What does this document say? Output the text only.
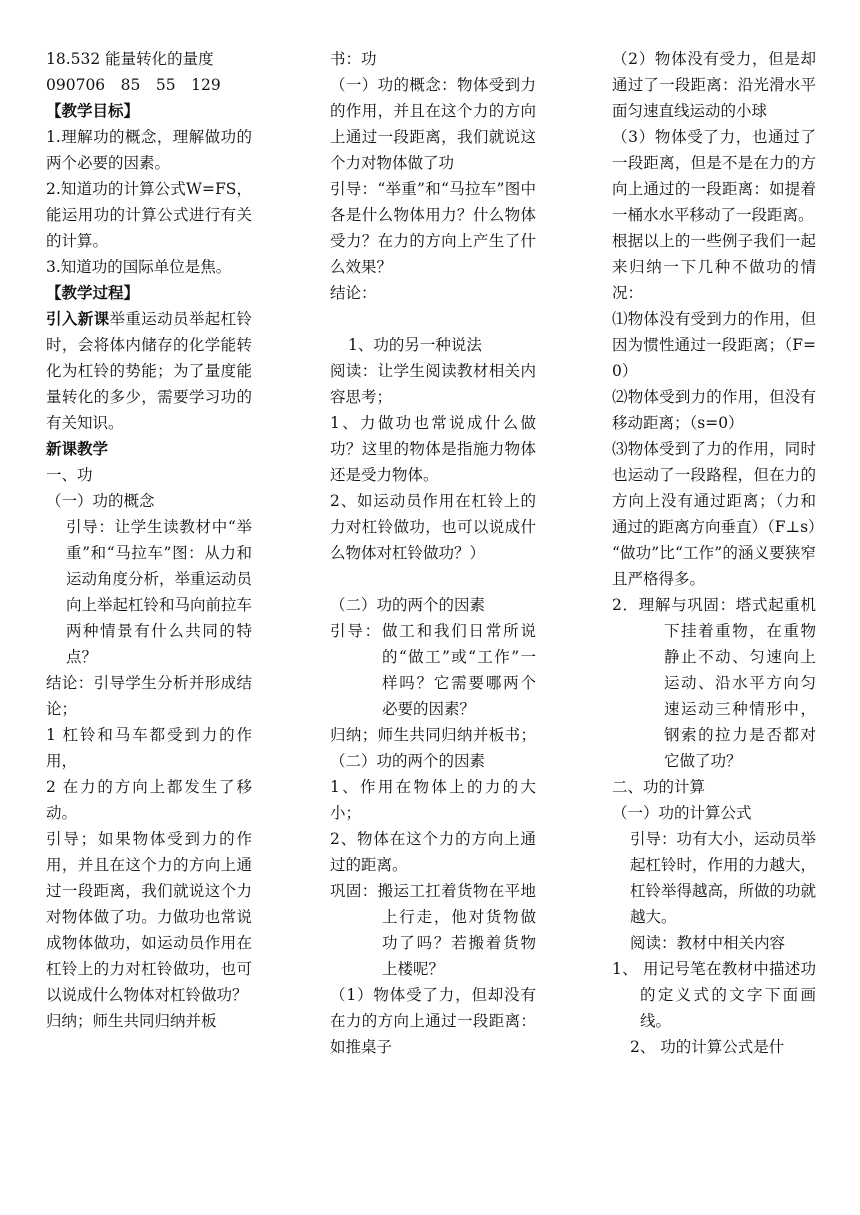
18.532 能量转化的量度

090706　85　55　129

【教学目标】

1.理解功的概念，理解做功的两个必要的因素。

2.知道功的计算公式W=FS，能运用功的计算公式进行有关的计算。

3.知道功的国际单位是焦。

【教学过程】

引入新课举重运动员举起杠铃时，会将体内储存的化学能转化为杠铃的势能；为了量度能量转化的多少，需要学习功的有关知识。

新课教学

一、功

（一）功的概念

引导：让学生读教材中“举重”和“马拉车”图：从力和运动角度分析，举重运动员向上举起杠铃和马向前拉车两种情景有什么共同的特点？

结论：引导学生分析并形成结论；

1 杠铃和马车都受到力的作用，

2 在力的方向上都发生了移动。

引导；如果物体受到力的作用，并且在这个力的方向上通过一段距离，我们就说这个力对物体做了功。力做功也常说成物体做功，如运动员作用在杠铃上的力对杠铃做功，也可以说成什么物体对杠铃做功？

归纳；师生共同归纳并板

书：功

（一）功的概念：物体受到力的作用，并且在这个力的方向上通过一段距离，我们就说这个力对物体做了功

引导：“举重”和“马拉车”图中各是什么物体用力？什么物体受力？在力的方向上产生了什么效果？

结论：

1、功的另一种说法

阅读：让学生阅读教材相关内容思考；

1、力做功也常说成什么做功？这里的物体是指施力物体还是受力物体。

2、如运动员作用在杠铃上的力对杠铃做功，也可以说成什么物体对杠铃做功？）

（二）功的两个的因素

引导：做工和我们日常所说的“做工”或“工作”一样吗？它需要哪两个必要的因素？

归纳；师生共同归纳并板书；（二）功的两个的因素

1、作用在物体上的力的大小；

2、物体在这个力的方向上通过的距离。

巩固：搬运工扛着货物在平地上行走，他对货物做功了吗？若搬着货物上楼呢？

（1）物体受了力，但却没有在力的方向上通过一段距离：如推桌子

（2）物体没有受力，但是却通过了一段距离：沿光滑水平面匀速直线运动的小球

（3）物体受了力，也通过了一段距离，但是不是在力的方向上通过的一段距离：如提着一桶水水平移动了一段距离。

根据以上的一些例子我们一起来归纳一下几种不做功的情况：

⑴物体没有受到力的作用，但因为惯性通过一段距离；（F=0）

⑵物体受到力的作用，但没有移动距离；（s=0）

⑶物体受到了力的作用，同时也运动了一段路程，但在力的方向上没有通过距离；（力和通过的距离方向垂直）（F⊥s）

“做功”比“工作”的涵义要狭窄且严格得多。

2．理解与巩固：塔式起重机下挂着重物，在重物静止不动、匀速向上运动、沿水平方向匀速运动三种情形中，钢索的拉力是否都对它做了功？

二、功的计算

（一）功的计算公式

引导：功有大小，运动员举起杠铃时，作用的力越大，杠铃举得越高，所做的功就越大。

阅读：教材中相关内容

1、 用记号笔在教材中描述功的定义式的文字下面画线。

2、 功的计算公式是什
